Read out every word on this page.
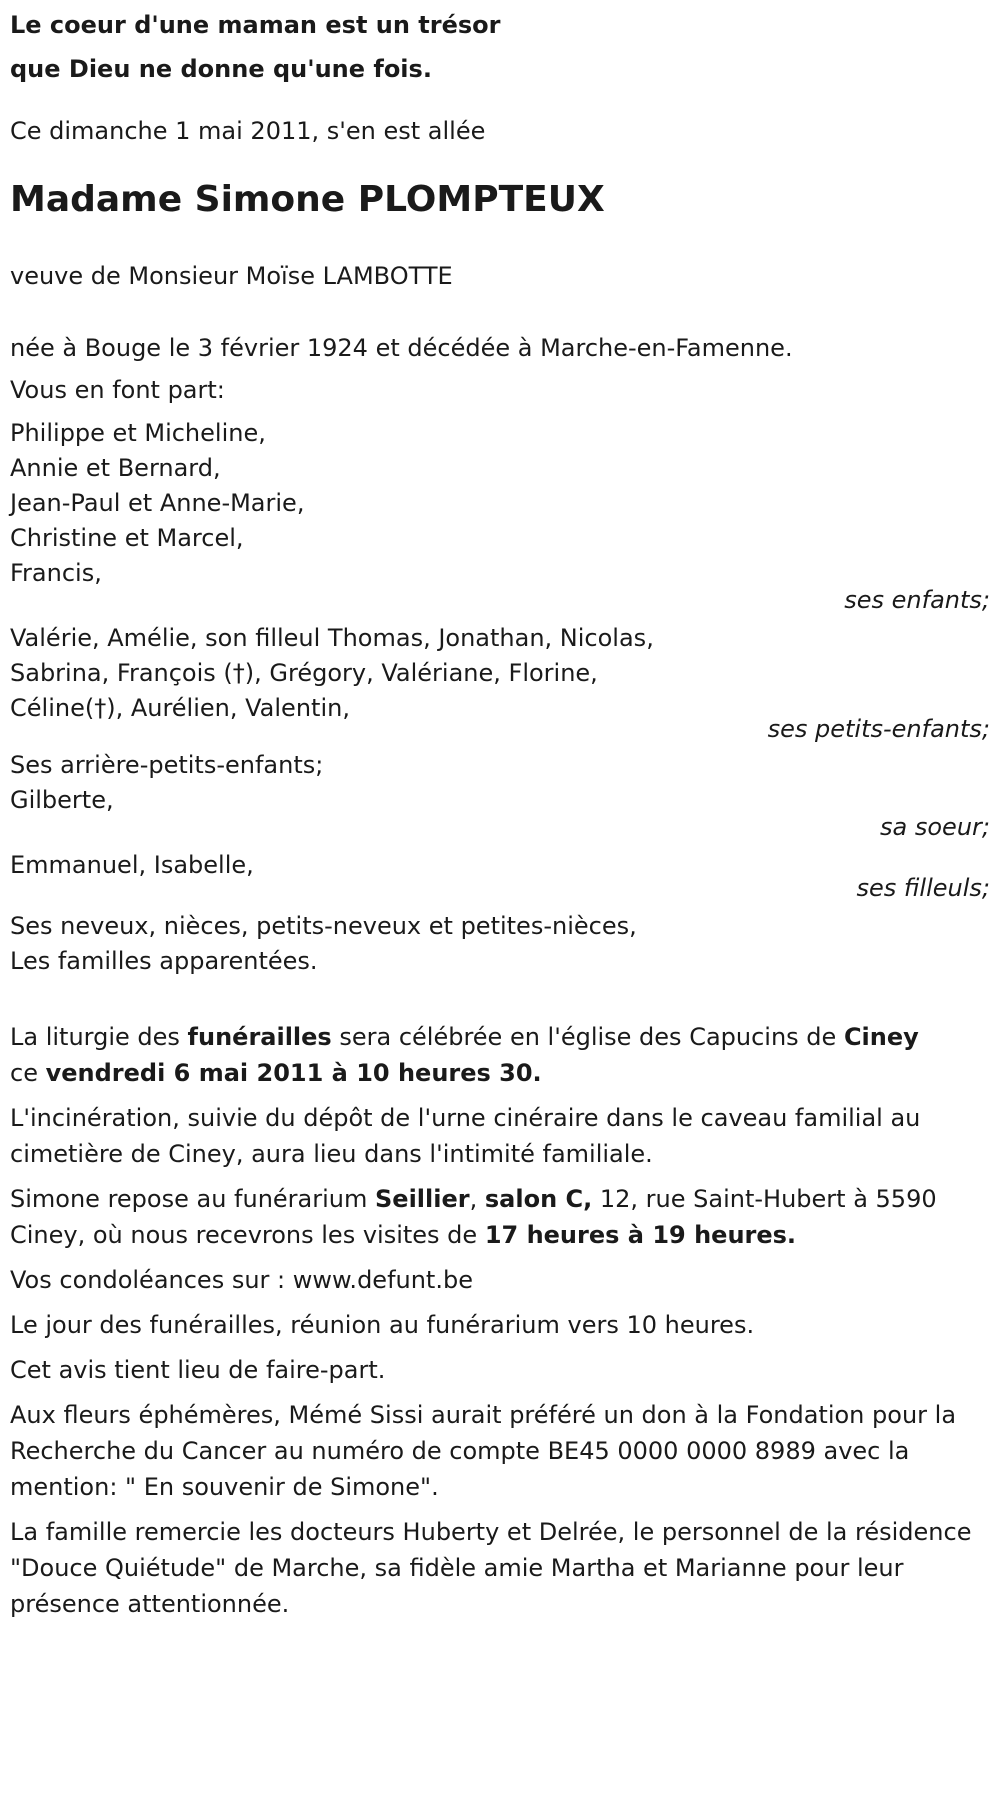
Le coeur d'une maman est un trésor

que Dieu ne donne qu'une fois.

Ce dimanche 1 mai 2011, s'en est allée

Madame Simone PLOMPTEUX

veuve de Monsieur Moïse LAMBOTTE

née à Bouge le 3 février 1924 et décédée à Marche-en-Famenne.

Vous en font part:

Philippe et Micheline,

Annie et Bernard,

Jean-Paul et Anne-Marie,

Christine et Marcel,

Francis,

ses enfants;

Valérie, Amélie, son filleul Thomas, Jonathan, Nicolas,

Sabrina, François (†), Grégory, Valériane, Florine,

Céline(†), Aurélien, Valentin,

ses petits-enfants;

Ses arrière-petits-enfants;

Gilberte,

sa soeur;

Emmanuel, Isabelle,

ses filleuls;

Ses neveux, nièces, petits-neveux et petites-nièces,

Les familles apparentées.

La liturgie des funérailles sera célébrée en l'église des Capucins de Ciney
ce vendredi 6 mai 2011 à 10 heures 30.

L'incinération, suivie du dépôt de l'urne cinéraire dans le caveau familial au cimetière de Ciney, aura lieu dans l'intimité familiale.

Simone repose au funérarium Seillier, salon C, 12, rue Saint-Hubert à 5590 Ciney, où nous recevrons les visites de 17 heures à 19 heures.

Vos condoléances sur : www.defunt.be

Le jour des funérailles, réunion au funérarium vers 10 heures.

Cet avis tient lieu de faire-part.

Aux fleurs éphémères, Mémé Sissi aurait préféré un don à la Fondation pour la Recherche du Cancer au numéro de compte BE45 0000 0000 8989 avec la mention: " En souvenir de Simone".

La famille remercie les docteurs Huberty et Delrée, le personnel de la résidence "Douce Quiétude" de Marche, sa fidèle amie Martha et Marianne pour leur présence attentionnée.
